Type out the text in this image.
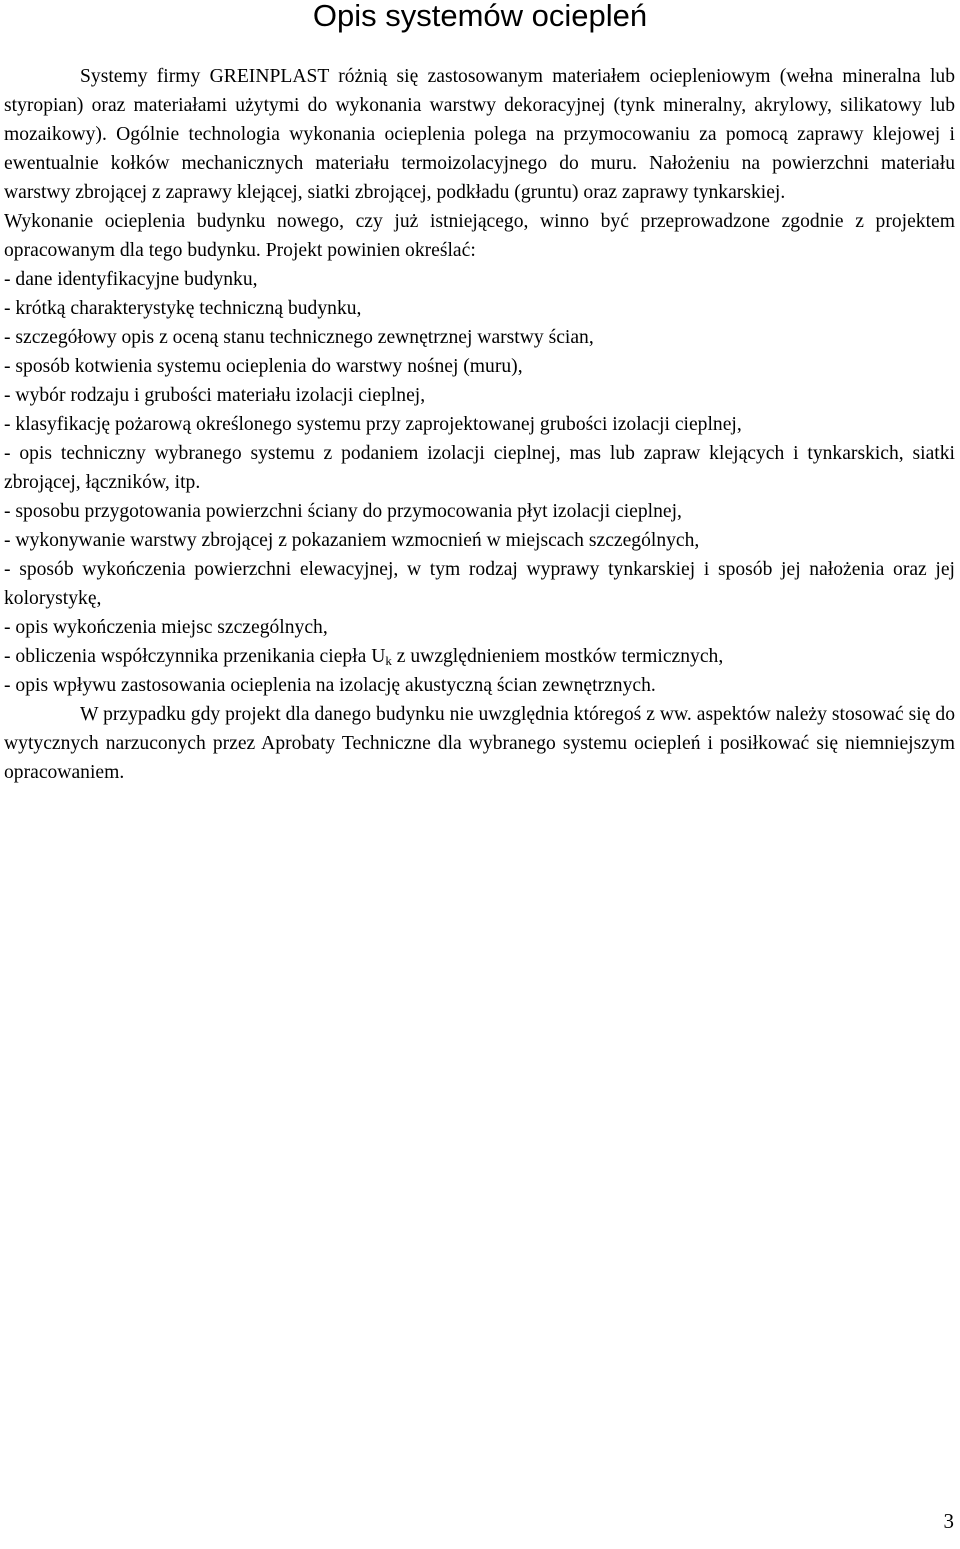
Opis systemów ociepleń

Systemy firmy GREINPLAST różnią się zastosowanym materiałem ociepleniowym (wełna mineralna lub styropian) oraz materiałami użytymi do wykonania warstwy dekoracyjnej (tynk mineralny, akrylowy, silikatowy lub mozaikowy). Ogólnie technologia wykonania ocieplenia polega na przymocowaniu za pomocą zaprawy klejowej i ewentualnie kołków mechanicznych materiału termoizolacyjnego do muru. Nałożeniu na powierzchni materiału warstwy zbrojącej z zaprawy klejącej, siatki zbrojącej, podkładu (gruntu) oraz zaprawy tynkarskiej.

Wykonanie ocieplenia budynku nowego, czy już istniejącego, winno być przeprowadzone zgodnie z projektem opracowanym dla tego budynku. Projekt powinien określać:

- dane identyfikacyjne budynku,
- krótką charakterystykę techniczną budynku,
- szczegółowy opis z oceną stanu technicznego zewnętrznej warstwy ścian,
- sposób kotwienia systemu ocieplenia do warstwy nośnej (muru),
- wybór rodzaju i grubości materiału izolacji cieplnej,
- klasyfikację pożarową określonego systemu przy zaprojektowanej grubości izolacji cieplnej,
- opis techniczny wybranego systemu z podaniem izolacji cieplnej, mas lub zapraw klejących i tynkarskich, siatki zbrojącej, łączników, itp.
- sposobu przygotowania powierzchni ściany do przymocowania płyt izolacji cieplnej,
- wykonywanie warstwy zbrojącej z pokazaniem wzmocnień w miejscach szczególnych,
- sposób wykończenia powierzchni elewacyjnej, w tym rodzaj wyprawy tynkarskiej i sposób jej nałożenia oraz jej kolorystykę,
- opis wykończenia miejsc szczególnych,
- obliczenia współczynnika przenikania ciepła $U_k$ z uwzględnieniem mostków termicznych,
- opis wpływu zastosowania ocieplenia na izolację akustyczną ścian zewnętrznych.

W przypadku gdy projekt dla danego budynku nie uwzględnia któregoś z ww. aspektów należy stosować się do wytycznych narzuconych przez Aprobaty Techniczne dla wybranego systemu ociepleń i posiłkować się niemniejszym opracowaniem.

3
